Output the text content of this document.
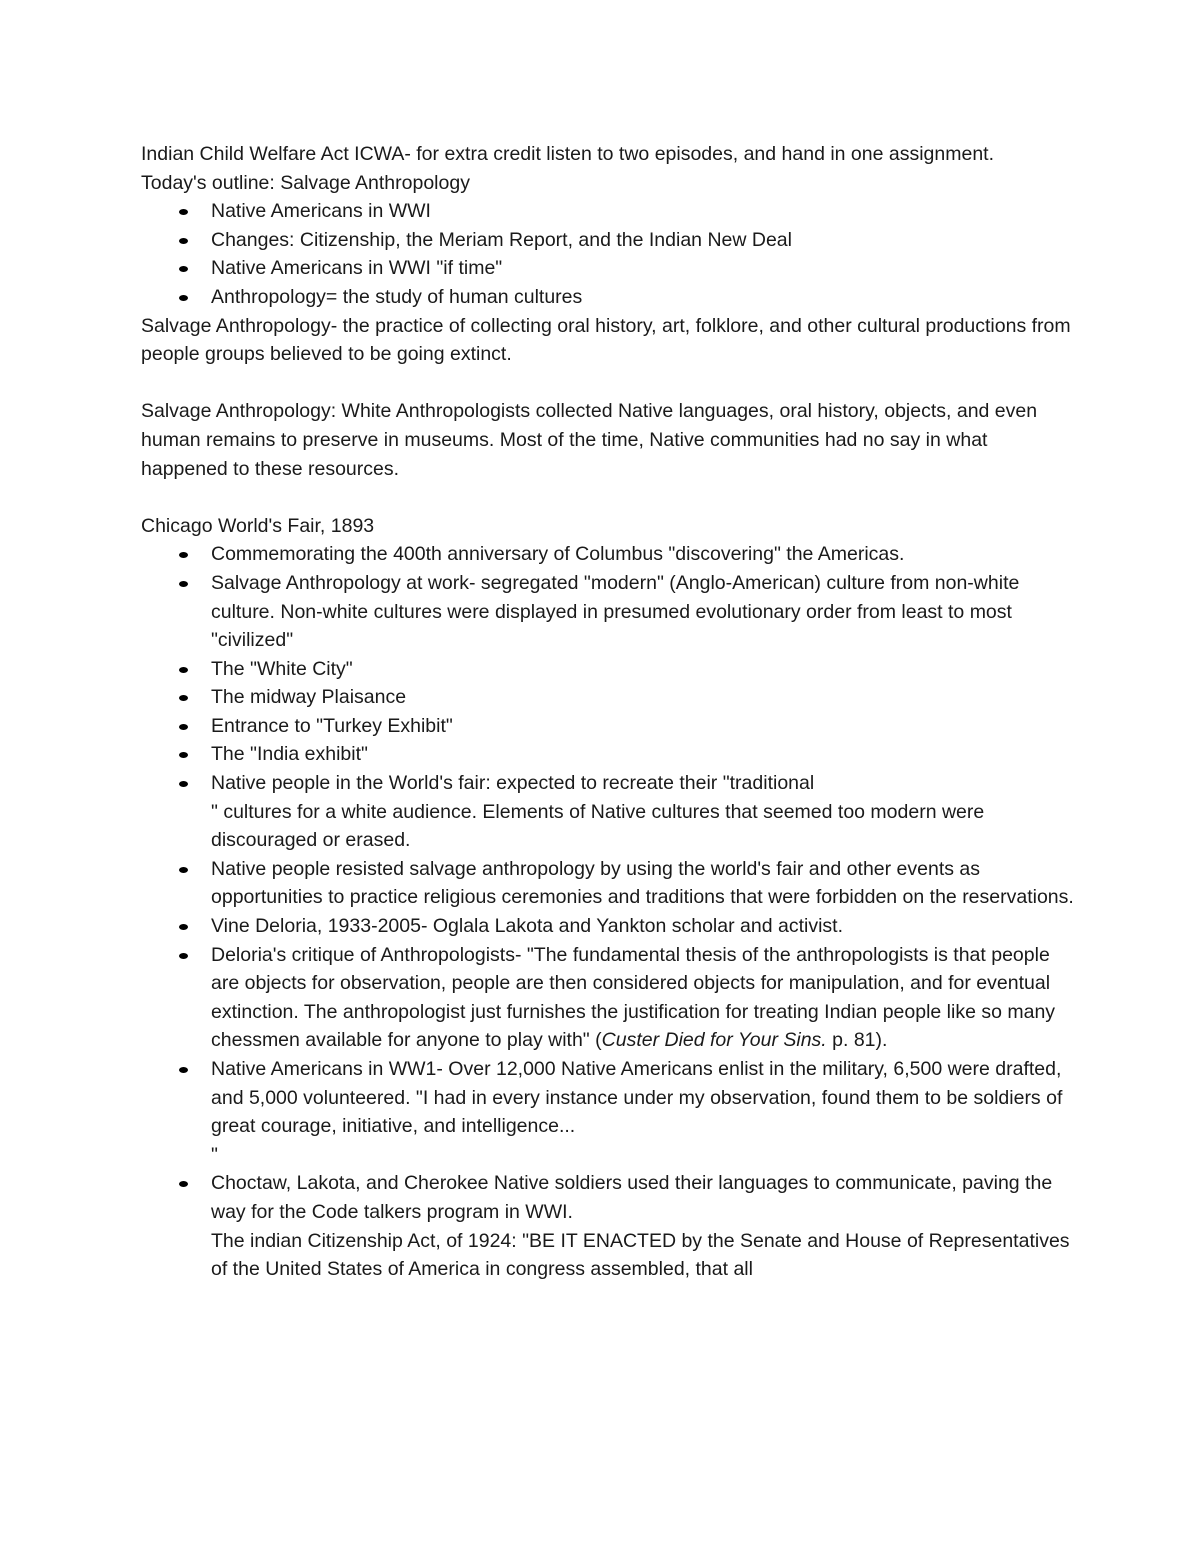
Indian Child Welfare Act ICWA- for extra credit listen to two episodes, and hand in one assignment.

Today's outline: Salvage Anthropology

Native Americans in WWI
Changes: Citizenship, the Meriam Report, and the Indian New Deal
Native Americans in WWI "if time"
Anthropology= the study of human cultures

Salvage Anthropology- the practice of collecting oral history, art, folklore, and other cultural productions from people groups believed to be going extinct.

Salvage Anthropology: White Anthropologists collected Native languages, oral history, objects, and even human remains to preserve in museums. Most of the time, Native communities had no say in what happened to these resources.

Chicago World's Fair, 1893

Commemorating the 400th anniversary of Columbus "discovering" the Americas.
Salvage Anthropology at work- segregated "modern" (Anglo-American) culture from non-white culture. Non-white cultures were displayed in presumed evolutionary order from least to most "civilized"
The "White City"
The midway Plaisance
Entrance to "Turkey Exhibit"
The "India exhibit"
Native people in the World's fair: expected to recreate their "traditional
" cultures for a white audience. Elements of Native cultures that seemed too modern were discouraged or erased.
Native people resisted salvage anthropology by using the world's fair and other events as opportunities to practice religious ceremonies and traditions that were forbidden on the reservations.
Vine Deloria, 1933-2005- Oglala Lakota and Yankton scholar and activist.
Deloria's critique of Anthropologists- "The fundamental thesis of the anthropologists is that people are objects for observation, people are then considered objects for manipulation, and for eventual extinction. The anthropologist just furnishes the justification for treating Indian people like so many chessmen available for anyone to play with" (Custer Died for Your Sins. p. 81).
Native Americans in WW1- Over 12,000 Native Americans enlist in the military, 6,500 were drafted, and 5,000 volunteered. "I had in every instance under my observation, found them to be soldiers of great courage, initiative, and intelligence...
"
Choctaw, Lakota, and Cherokee Native soldiers used their languages to communicate, paving the way for the Code talkers program in WWI.
The indian Citizenship Act, of 1924: "BE IT ENACTED by the Senate and House of Representatives of the United States of America in congress assembled, that all
